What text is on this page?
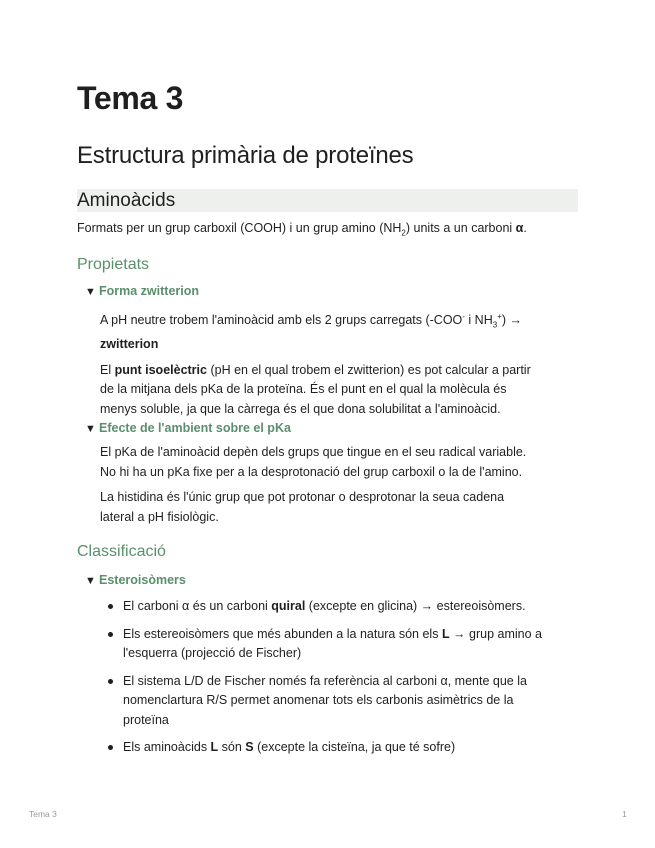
Tema 3
Estructura primària de proteïnes
Aminoàcids

Formats per un grup carboxil (COOH) i un grup amino $(NH_2)$ units a un carboni α.

Propietats
▼ Forma zwitterion

A pH neutre trobem l'aminoàcid amb els 2 grups carregats (-COO- i $NH_3^+$) →
zwitterion

El punt isoelèctric (pH en el qual trobem el zwitterion) es pot calcular a partir
de la mitjana dels pKa de la proteïna. És el punt en el qual la molècula és
menys soluble, ja que la càrrega és el que dona solubilitat a l'aminoàcid.

▼ Efecte de l'ambient sobre el pKa

El pKa de l'aminoàcid depèn dels grups que tingue en el seu radical variable.
No hi ha un pKa fixe per a la desprotonació del grup carboxil o la de l'amino.

La histidina és l'únic grup que pot protonar o desprotonar la seua cadena
lateral a pH fisiològic.

Classificació
▼ Esteroisòmers
El carboni α és un carboni quiral (excepte en glicina) → estereoisòmers.
Els estereoisòmers que més abunden a la natura són els L → grup amino a
l'esquerra (projecció de Fischer)
El sistema L/D de Fischer només fa referència al carboni α, mente que la
nomenclartura R/S permet anomenar tots els carbonis asimètrics de la
proteïna
Els aminoàcids L són S (excepte la cisteïna, ja que té sofre)
Tema 3	1
